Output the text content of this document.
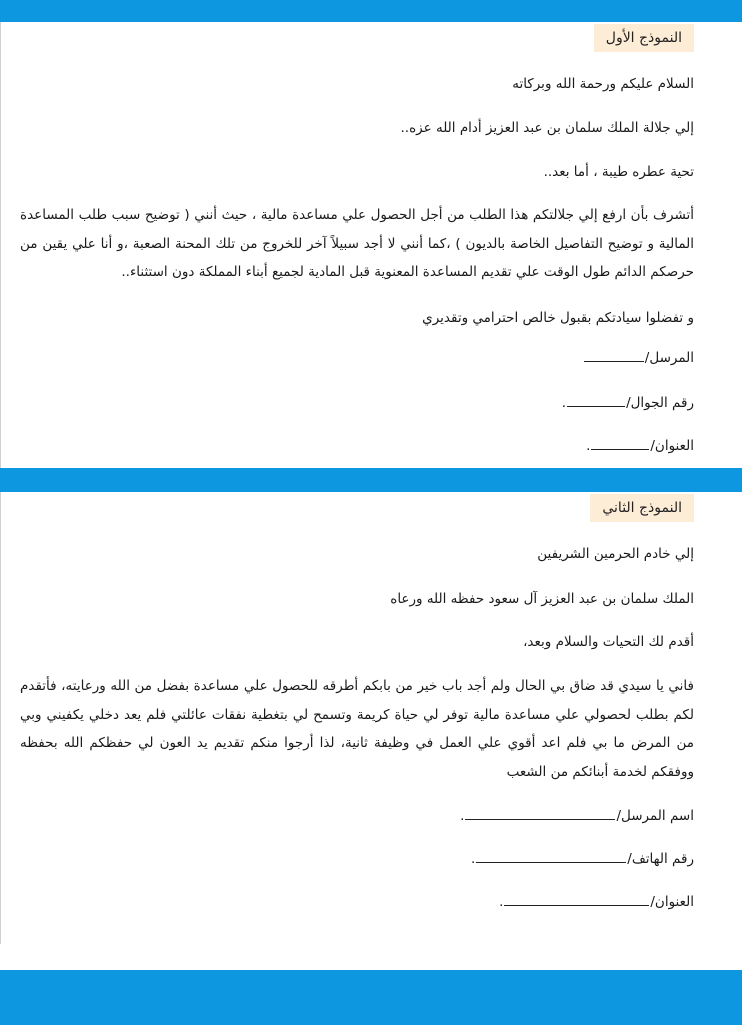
النموذج الأول
السلام عليكم ورحمة الله وبركاته
إلي جلالة الملك سلمان بن عبد العزيز أدام الله عزه..
تحية عطره طيبة ، أما بعد..
أتشرف بأن ارفع إلي جلالتكم هذا الطلب من أجل الحصول علي مساعدة مالية ، حيث أنني ( توضيح سبب طلب المساعدة المالية و توضيح التفاصيل الخاصة بالديون ) ،كما أنني لا أجد سبيلاً آخر للخروج من تلك المحنة الصعبة ،و أنا علي يقين من حرصكم الدائم طول الوقت علي تقديم المساعدة المعنوية قبل المادية لجميع أبناء المملكة دون استثناء..
و تفضلوا سيادتكم بقبول خالص احترامي وتقديري
المرسل/
رقم الجوال/.
العنوان/.
النموذج الثاني
إلي خادم الحرمين الشريفين
الملك سلمان بن عبد العزيز آل سعود حفظه الله ورعاه
أقدم لك التحيات والسلام وبعد،
فاني يا سيدي قد ضاق بي الحال ولم أجد باب خير من بابكم أطرقه للحصول علي مساعدة بفضل من الله ورعايته، فأتقدم لكم بطلب لحصولي علي مساعدة مالية توفر لي حياة كريمة وتسمح لي بتغطية نفقات عائلتي فلم يعد دخلي يكفيني وبي من المرض ما بي فلم اعد أقوي علي العمل في وظيفة ثانية، لذا أرجوا منكم تقديم يد العون لي حفظكم الله بحفظه ووفقكم لخدمة أبنائكم من الشعب
اسم المرسل/.
رقم الهاتف/.
العنوان/.
